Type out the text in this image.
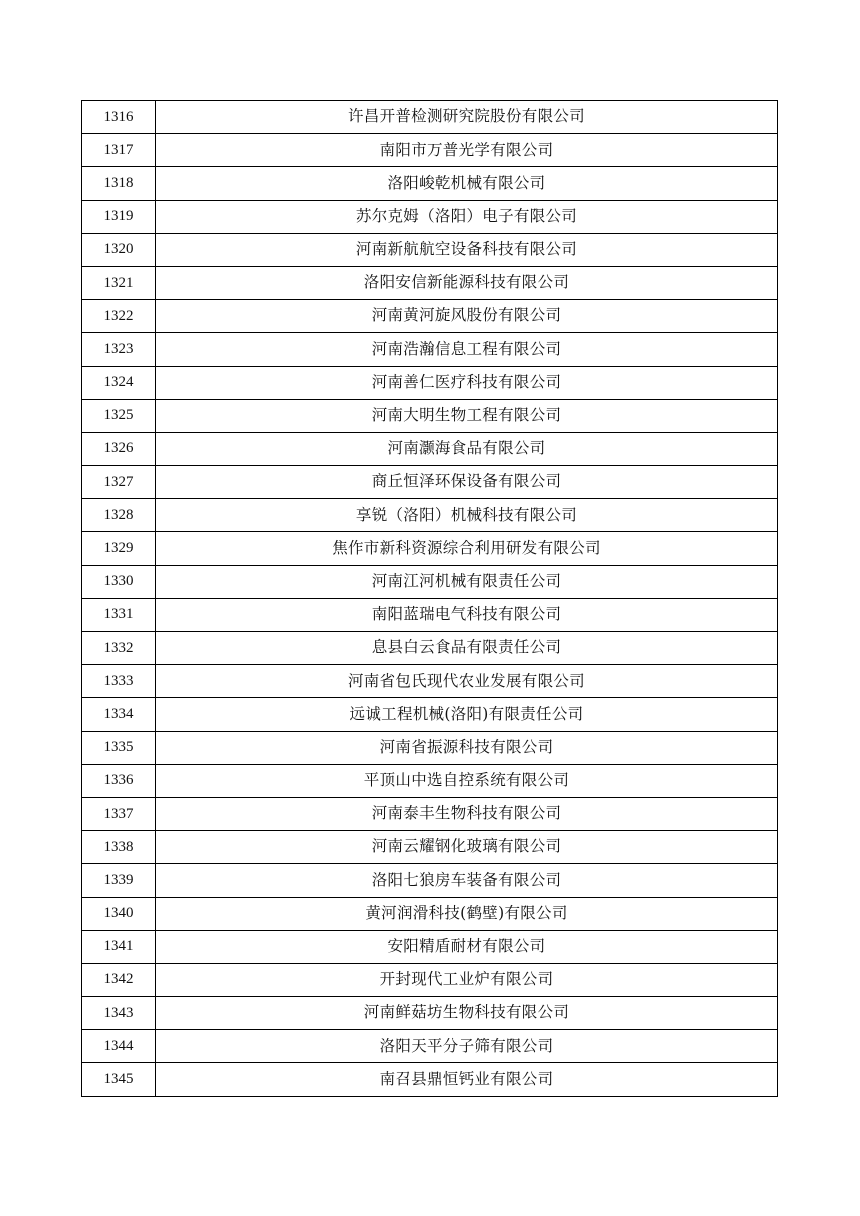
1316	许昌开普检测研究院股份有限公司
1317	南阳市万普光学有限公司
1318	洛阳峻乾机械有限公司
1319	苏尔克姆（洛阳）电子有限公司
1320	河南新航航空设备科技有限公司
1321	洛阳安信新能源科技有限公司
1322	河南黄河旋风股份有限公司
1323	河南浩瀚信息工程有限公司
1324	河南善仁医疗科技有限公司
1325	河南大明生物工程有限公司
1326	河南灏海食品有限公司
1327	商丘恒泽环保设备有限公司
1328	享锐（洛阳）机械科技有限公司
1329	焦作市新科资源综合利用研发有限公司
1330	河南江河机械有限责任公司
1331	南阳蓝瑞电气科技有限公司
1332	息县白云食品有限责任公司
1333	河南省包氏现代农业发展有限公司
1334	远诚工程机械(洛阳)有限责任公司
1335	河南省振源科技有限公司
1336	平顶山中选自控系统有限公司
1337	河南泰丰生物科技有限公司
1338	河南云耀钢化玻璃有限公司
1339	洛阳七狼房车装备有限公司
1340	黄河润滑科技(鹤壁)有限公司
1341	安阳精盾耐材有限公司
1342	开封现代工业炉有限公司
1343	河南鲜菇坊生物科技有限公司
1344	洛阳天平分子筛有限公司
1345	南召县鼎恒钙业有限公司
